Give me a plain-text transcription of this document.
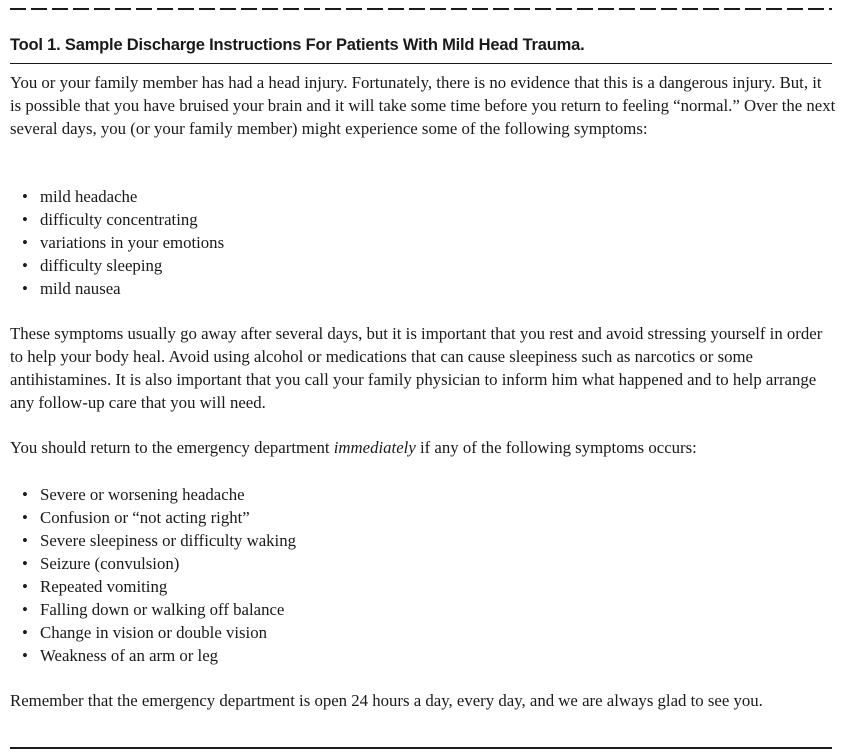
Tool 1. Sample Discharge Instructions For Patients With Mild Head Trauma.

You or your family member has had a head injury. Fortunately, there is no evidence that this is a dangerous injury. But, it is possible that you have bruised your brain and it will take some time before you return to feeling “normal.” Over the next several days, you (or your family member) might experience some of the following symptoms:

• mild headache
• difficulty concentrating
• variations in your emotions
• difficulty sleeping
• mild nausea

These symptoms usually go away after several days, but it is important that you rest and avoid stressing yourself in order to help your body heal. Avoid using alcohol or medications that can cause sleepiness such as narcotics or some antihistamines. It is also important that you call your family physician to inform him what happened and to help arrange any follow-up care that you will need.

You should return to the emergency department immediately if any of the following symptoms occurs:

• Severe or worsening headache
• Confusion or “not acting right”
• Severe sleepiness or difficulty waking
• Seizure (convulsion)
• Repeated vomiting
• Falling down or walking off balance
• Change in vision or double vision
• Weakness of an arm or leg

Remember that the emergency department is open 24 hours a day, every day, and we are always glad to see you.
